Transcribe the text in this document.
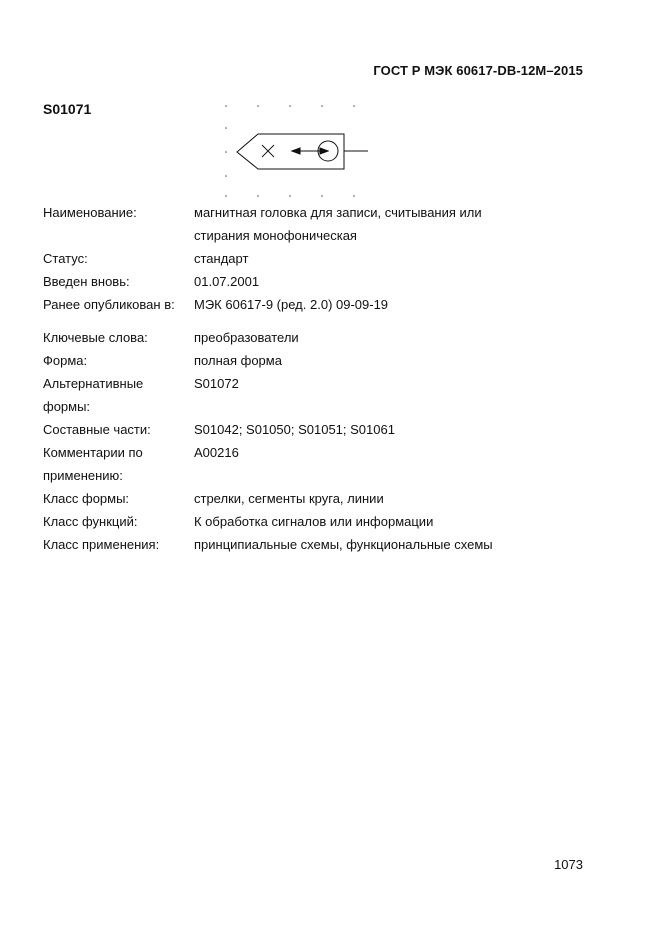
ГОСТ Р МЭК 60617-DB-12M–2015
S01071
Наименование:	магнитная головка для записи, считывания или
стирания монофоническая
Статус:	стандарт
Введен вновь:	01.07.2001
Ранее опубликован в:	МЭК 60617-9 (ред. 2.0) 09-09-19
Ключевые слова:	преобразователи
Форма:	полная форма
Альтернативные	S01072
формы:
Составные части:	S01042; S01050; S01051; S01061
Комментарии по	A00216
применению:
Класс формы:	стрелки, сегменты круга, линии
Класс функций:	К обработка сигналов или информации
Класс применения:	принципиальные схемы, функциональные схемы
1073
